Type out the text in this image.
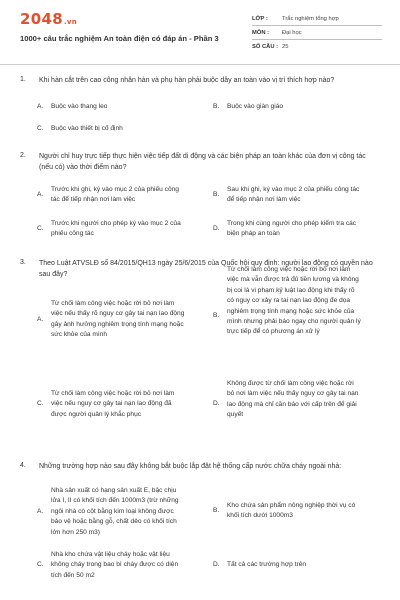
2048.vn
1000+ câu trắc nghiệm An toàn điện có đáp án - Phần 3
LỚP :	Trắc nghiệm tổng hợp
MÔN :	Đại học
SỐ CÂU : 25
1. Khi hàn cắt trên cao công nhân hàn và phụ hàn phải buộc dây an toàn vào vị trí thích hợp nào?
A. Buộc vào thang leo	B. Buộc vào giàn giáo
C. Buộc vào thiết bị cố định
2. Người chỉ huy trực tiếp thực hiện việc tiếp đất di động và các biện pháp an toàn khác của đơn vị công tác (nếu có) vào thời điểm nào?
A.
Trước khi ghi, ký vào mục 2 của phiếu công tác để tiếp nhận nơi làm việc
B.
Sau khi ghi, ký vào mục 2 của phiếu công tác để tiếp nhận nơi làm việc
C.
Trước khi người cho phép ký vào mục 2 của phiếu công tác
D.
Trong khi cùng người cho phép kiểm tra các biện pháp an toàn
3. Theo Luật ATVSLĐ số 84/2015/QH13 ngày 25/6/2015 của Quốc hội quy định: người lao động có quyền nào sau đây?
A.
Từ chối làm công việc hoặc rời bỏ nơi làm việc nếu thấy rõ nguy cơ gây tai nạn lao động gây ảnh hưởng nghiêm trọng tính mạng hoặc sức khỏe của mình
B.
Từ chối làm công việc hoặc rời bỏ nơi làm việc mà vẫn được trả đủ tiền lương và không bị coi là vi phạm kỷ luật lao động khi thấy rõ có nguy cơ xảy ra tai nạn lao động đe dọa nghiêm trọng tính mạng hoặc sức khỏe của mình nhưng phải báo ngay cho người quản lý trực tiếp để có phương án xử lý
C.
Từ chối làm công việc hoặc rời bỏ nơi làm việc nếu nguy cơ gây tai nạn lao động đã được người quản lý khắc phục
D.
Không được từ chối làm công việc hoặc rời bỏ nơi làm việc nếu thấy nguy cơ gây tai nạn lao động mà chỉ cần báo với cấp trên để giải quyết
4. Những trường hợp nào sau đây không bắt buộc lắp đặt hệ thống cấp nước chữa cháy ngoài nhà:
A.
Nhà sản xuất có hạng sản xuất E, bậc chịu lửa I, II có khối tích đến 1000m3 (trừ những ngôi nhà có cột bằng kim loại không được bảo vệ hoặc bằng gỗ, chất dẻo có khối tích lớn hơn 250 m3)
B.
Kho chứa sản phẩm nông nghiệp thời vụ có khối tích dưới 1000m3
C.
Nhà kho chứa vật liệu cháy hoặc vật liệu không cháy trong bao bì cháy được có diện tích đến 50 m2
D. Tất cả các trường hợp trên
